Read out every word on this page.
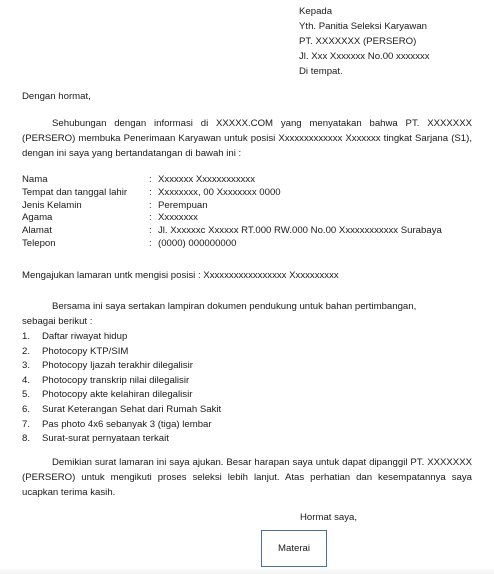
Kepada
Yth. Panitia Seleksi Karyawan
PT. XXXXXXX (PERSERO)
Jl. Xxx Xxxxxxx No.00 xxxxxxx
Di tempat.
Dengan hormat,

Sehubungan dengan informasi di XXXXX.COM yang menyatakan bahwa PT. XXXXXXX (PERSERO) membuka Penerimaan Karyawan untuk posisi Xxxxxxxxxxxxx Xxxxxxx tingkat Sarjana (S1), dengan ini saya yang bertandatangan di bawah ini :

Nama	: Xxxxxxx Xxxxxxxxxxxx
Tempat dan tanggal lahir : Xxxxxxxx, 00 Xxxxxxxx 0000
Jenis Kelamin	: Perempuan
Agama	: Xxxxxxxx
Alamat	: Jl. Xxxxxxc Xxxxxx RT.000 RW.000 No.00 Xxxxxxxxxxxx Surabaya
Telepon	: (0000) 000000000
Mengajukan lamaran untk mengisi posisi : Xxxxxxxxxxxxxxxxx Xxxxxxxxxx

Bersama ini saya sertakan lampiran dokumen pendukung untuk bahan pertimbangan,

sebagai berikut :

1. Daftar riwayat hidup
2. Photocopy KTP/SIM
3. Photocopy Ijazah terakhir dilegalisir
4. Photocopy transkrip nilai dilegalisir
5. Photocopy akte kelahiran dilegalisir
6. Surat Keterangan Sehat dari Rumah Sakit
7. Pas photo 4x6 sebanyak 3 (tiga) lembar
8. Surat-surat pernyataan terkait

Demikian surat lamaran ini saya ajukan. Besar harapan saya untuk dapat dipanggil PT. XXXXXXX (PERSERO) untuk mengikuti proses seleksi lebih lanjut. Atas perhatian dan kesempatannya saya ucapkan terima kasih.

Hormat saya,
Materai
